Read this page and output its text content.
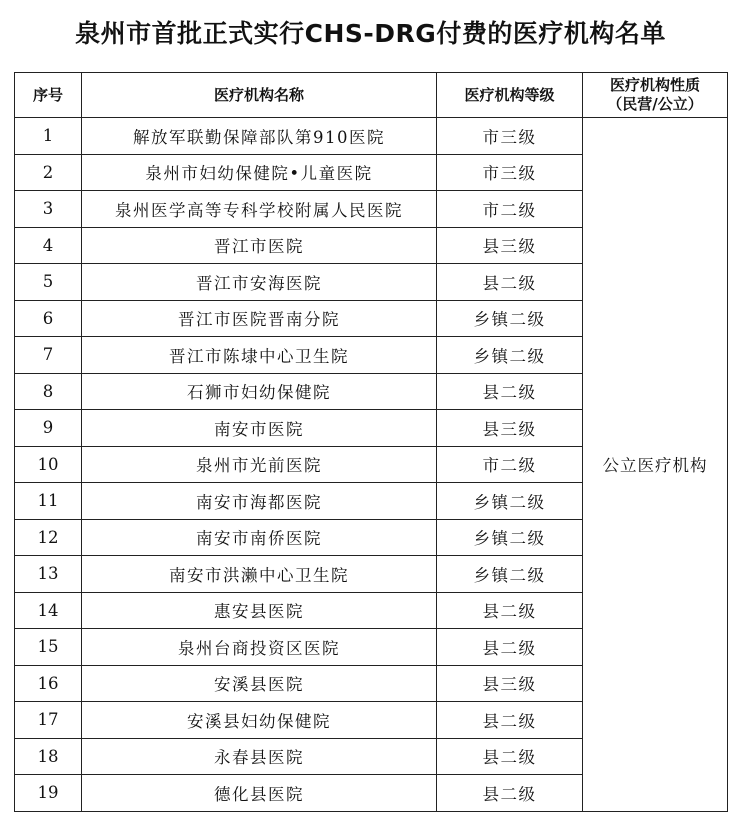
泉州市首批正式实行CHS-DRG付费的医疗机构名单
序号	医疗机构名称	医疗机构等级	医疗机构性质
（民营/公立）

1	解放军联勤保障部队第910医院	市三级	公立医疗机构
2	泉州市妇幼保健院•儿童医院	市三级	
3	泉州医学高等专科学校附属人民医院	市二级	
4	晋江市医院	县三级	
5	晋江市安海医院	县二级	
6	晋江市医院晋南分院	乡镇二级	
7	晋江市陈埭中心卫生院	乡镇二级	
8	石狮市妇幼保健院	县二级	
9	南安市医院	县三级	
10	泉州市光前医院	市二级	
11	南安市海都医院	乡镇二级	
12	南安市南侨医院	乡镇二级	
13	南安市洪濑中心卫生院	乡镇二级	
14	惠安县医院	县二级	
15	泉州台商投资区医院	县二级	
16	安溪县医院	县三级	
17	安溪县妇幼保健院	县二级	
18	永春县医院	县二级	
19	德化县医院	县二级	
